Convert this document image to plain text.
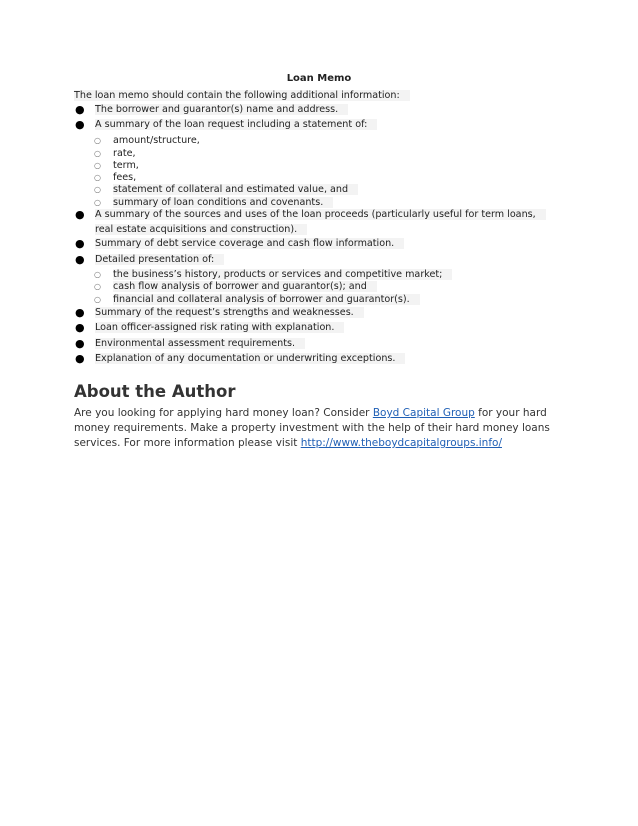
Loan Memo
The loan memo should contain the following additional information:
● The borrower and guarantor(s) name and address.
● A summary of the loan request including a statement of:
○ amount/structure,
○ rate,
○ term,
○ fees,
○ statement of collateral and estimated value, and
○ summary of loan conditions and covenants.
● A summary of the sources and uses of the loan proceeds (particularly useful for term loans,
real estate acquisitions and construction).
● Summary of debt service coverage and cash flow information.
● Detailed presentation of:
○ the business’s history, products or services and competitive market;
○ cash flow analysis of borrower and guarantor(s); and
○ financial and collateral analysis of borrower and guarantor(s).
● Summary of the request’s strengths and weaknesses.
● Loan officer-assigned risk rating with explanation.
● Environmental assessment requirements.
● Explanation of any documentation or underwriting exceptions.
About the Author
Are you looking for applying hard money loan? Consider Boyd Capital Group for your hard money requirements. Make a property investment with the help of their hard money loans services. For more information please visit http://www.theboydcapitalgroups.info/
